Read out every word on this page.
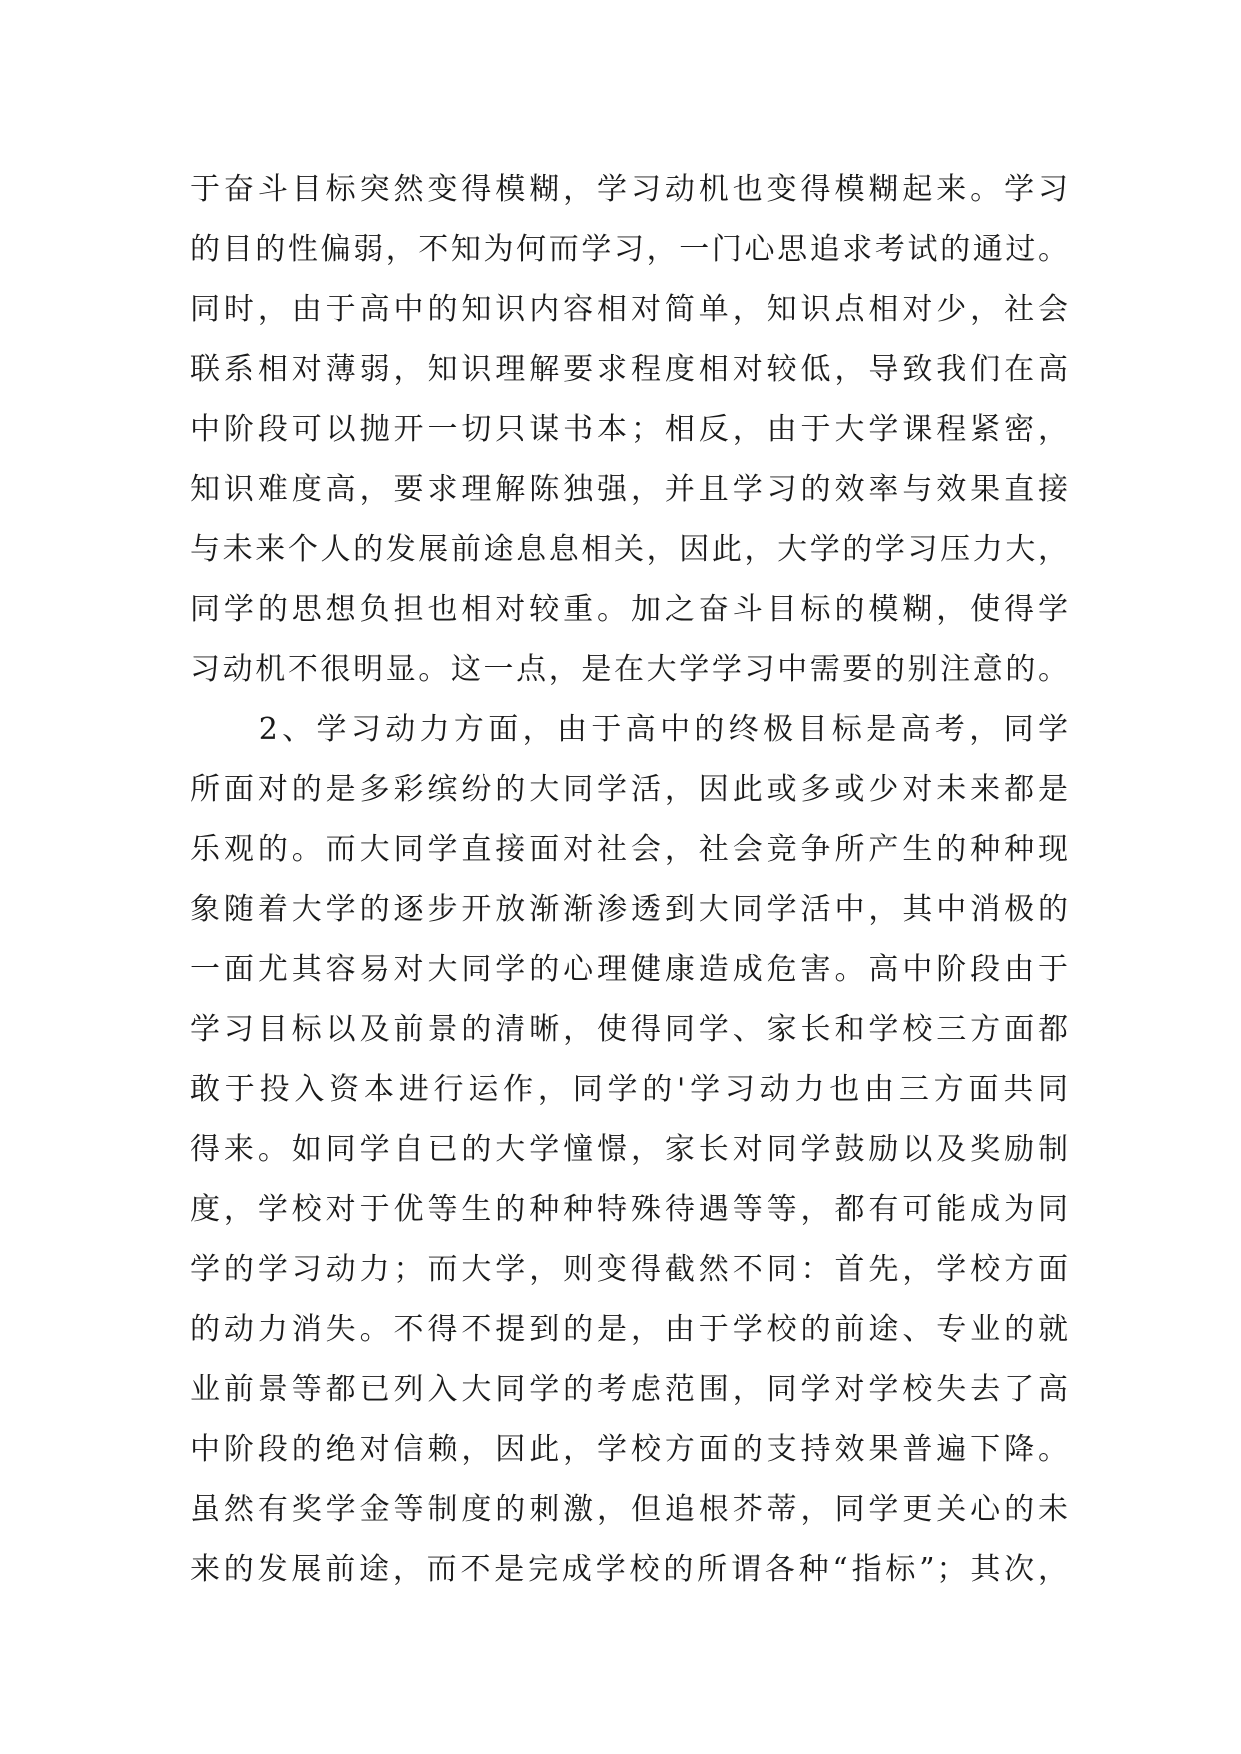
于奋斗目标突然变得模糊，学习动机也变得模糊起来。学习
的目的性偏弱，不知为何而学习，一门心思追求考试的通过。
同时，由于高中的知识内容相对简单，知识点相对少，社会
联系相对薄弱，知识理解要求程度相对较低，导致我们在高
中阶段可以抛开一切只谋书本；相反，由于大学课程紧密，
知识难度高，要求理解陈独强，并且学习的效率与效果直接
与未来个人的发展前途息息相关，因此，大学的学习压力大，
同学的思想负担也相对较重。加之奋斗目标的模糊，使得学
习动机不很明显。这一点，是在大学学习中需要的别注意的。
　　2、学习动力方面，由于高中的终极目标是高考，同学
所面对的是多彩缤纷的大同学活，因此或多或少对未来都是
乐观的。而大同学直接面对社会，社会竞争所产生的种种现
象随着大学的逐步开放渐渐渗透到大同学活中，其中消极的
一面尤其容易对大同学的心理健康造成危害。高中阶段由于
学习目标以及前景的清晰，使得同学、家长和学校三方面都
敢于投入资本进行运作，同学的'学习动力也由三方面共同
得来。如同学自已的大学憧憬，家长对同学鼓励以及奖励制
度，学校对于优等生的种种特殊待遇等等，都有可能成为同
学的学习动力；而大学，则变得截然不同：首先，学校方面
的动力消失。不得不提到的是，由于学校的前途、专业的就
业前景等都已列入大同学的考虑范围，同学对学校失去了高
中阶段的绝对信赖，因此，学校方面的支持效果普遍下降。
虽然有奖学金等制度的刺激，但追根芥蒂，同学更关心的未
来的发展前途，而不是完成学校的所谓各种“指标”；其次，
